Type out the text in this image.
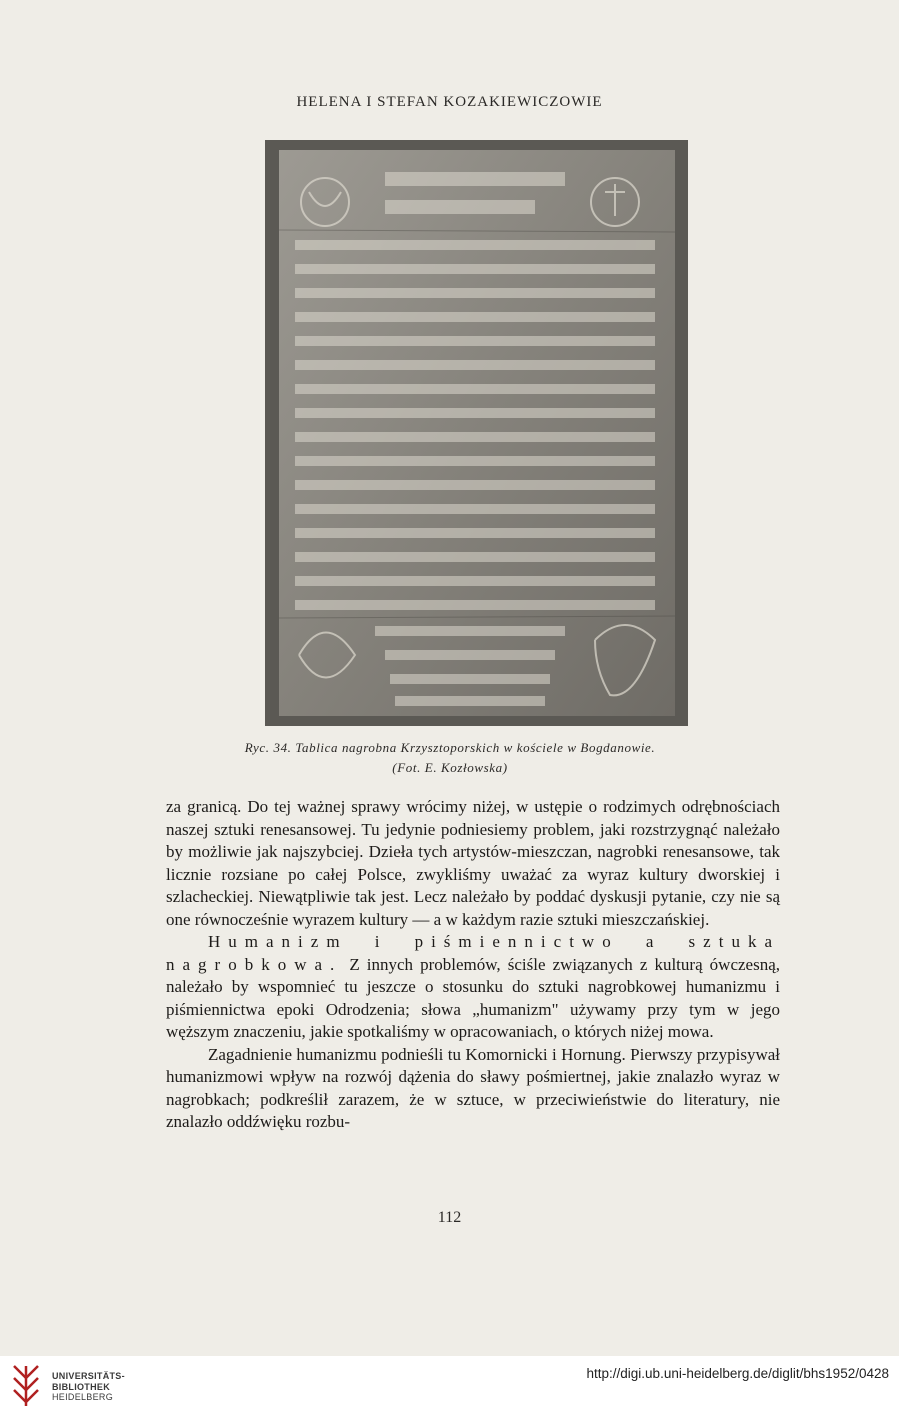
HELENA I STEFAN KOZAKIEWICZOWIE
Ryc. 34. Tablica nagrobna Krzysztoporskich w kościele w Bogdanowie.
(Fot. E. Kozłowska)

za granicą. Do tej ważnej sprawy wrócimy niżej, w ustępie o rodzimych odrębnościach naszej sztuki renesansowej. Tu jedynie podniesiemy problem, jaki rozstrzygnąć należało by możliwie jak najszybciej. Dzieła tych artystów-mieszczan, nagrobki renesansowe, tak licznie rozsiane po całej Polsce, zwykliśmy uważać za wyraz kultury dworskiej i szlacheckiej. Niewątpliwie tak jest. Lecz należało by poddać dyskusji pytanie, czy nie są one równocześnie wyrazem kultury — a w każdym razie sztuki mieszczańskiej.

Humanizm i piśmiennictwo a sztuka nagrobkowa. Z innych problemów, ściśle związanych z kulturą ówczesną, należało by wspomnieć tu jeszcze o stosunku do sztuki nagrobkowej humanizmu i piśmiennictwa epoki Odrodzenia; słowa „humanizm" używamy przy tym w jego węższym znaczeniu, jakie spotkaliśmy w opracowaniach, o których niżej mowa.

Zagadnienie humanizmu podnieśli tu Komornicki i Hornung. Pierwszy przypisywał humanizmowi wpływ na rozwój dążenia do sławy pośmiertnej, jakie znalazło wyraz w nagrobkach; podkreślił zarazem, że w sztuce, w przeciwieństwie do literatury, nie znalazło oddźwięku rozbu-

112
UNIVERSITÄTS-
BIBLIOTHEK
HEIDELBERG
http://digi.ub.uni-heidelberg.de/diglit/bhs1952/0428
